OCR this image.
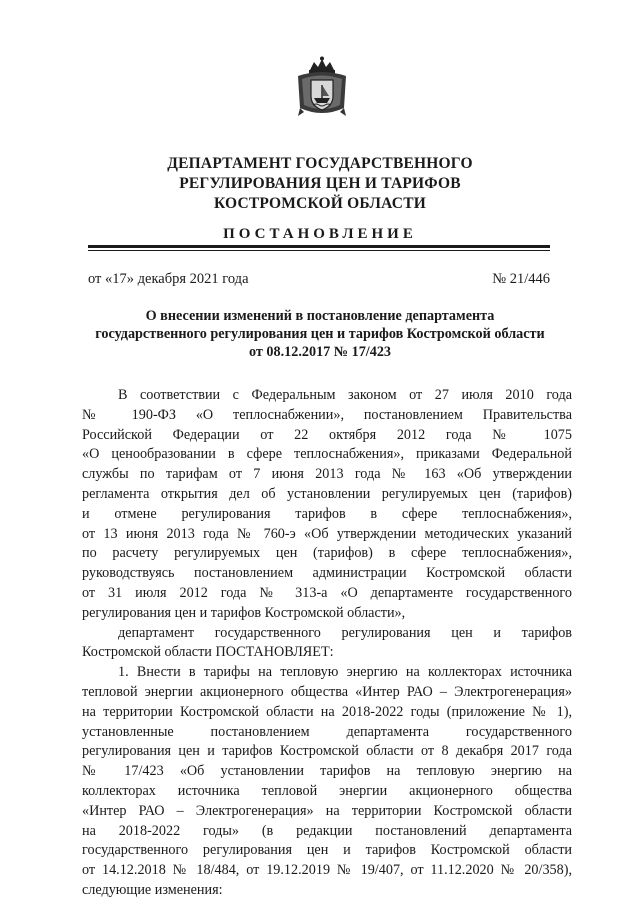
ДЕПАРТАМЕНТ ГОСУДАРСТВЕННОГО
РЕГУЛИРОВАНИЯ ЦЕН И ТАРИФОВ
КОСТРОМСКОЙ ОБЛАСТИ
ПОСТАНОВЛЕНИЕ
от «17» декабря 2021 года	№ 21/446
О внесении изменений в постановление департамента
государственного регулирования цен и тарифов Костромской области
от 08.12.2017 № 17/423
В соответствии с Федеральным законом от 27 июля 2010 года
№ 190-ФЗ «О теплоснабжении», постановлением Правительства
Российской Федерации от 22 октября 2012 года № 1075
«О ценообразовании в сфере теплоснабжения», приказами Федеральной
службы по тарифам от 7 июня 2013 года № 163 «Об утверждении
регламента открытия дел об установлении регулируемых цен (тарифов)
и отмене регулирования тарифов в сфере теплоснабжения»,
от 13 июня 2013 года № 760-э «Об утверждении методических указаний
по расчету регулируемых цен (тарифов) в сфере теплоснабжения»,
руководствуясь постановлением администрации Костромской области
от 31 июля 2012 года № 313-а «О департаменте государственного
регулирования цен и тарифов Костромской области»,
департамент государственного регулирования цен и тарифов
Костромской области ПОСТАНОВЛЯЕТ:
1. Внести в тарифы на тепловую энергию на коллекторах источника
тепловой энергии акционерного общества «Интер РАО – Электрогенерация»
на территории Костромской области на 2018-2022 годы (приложение № 1),
установленные постановлением департамента государственного
регулирования цен и тарифов Костромской области от 8 декабря 2017 года
№ 17/423 «Об установлении тарифов на тепловую энергию на
коллекторах источника тепловой энергии акционерного общества
«Интер РАО – Электрогенерация» на территории Костромской области
на 2018-2022 годы» (в редакции постановлений департамента
государственного регулирования цен и тарифов Костромской области
от 14.12.2018 № 18/484, от 19.12.2019 № 19/407, от 11.12.2020 № 20/358),
следующие изменения:
